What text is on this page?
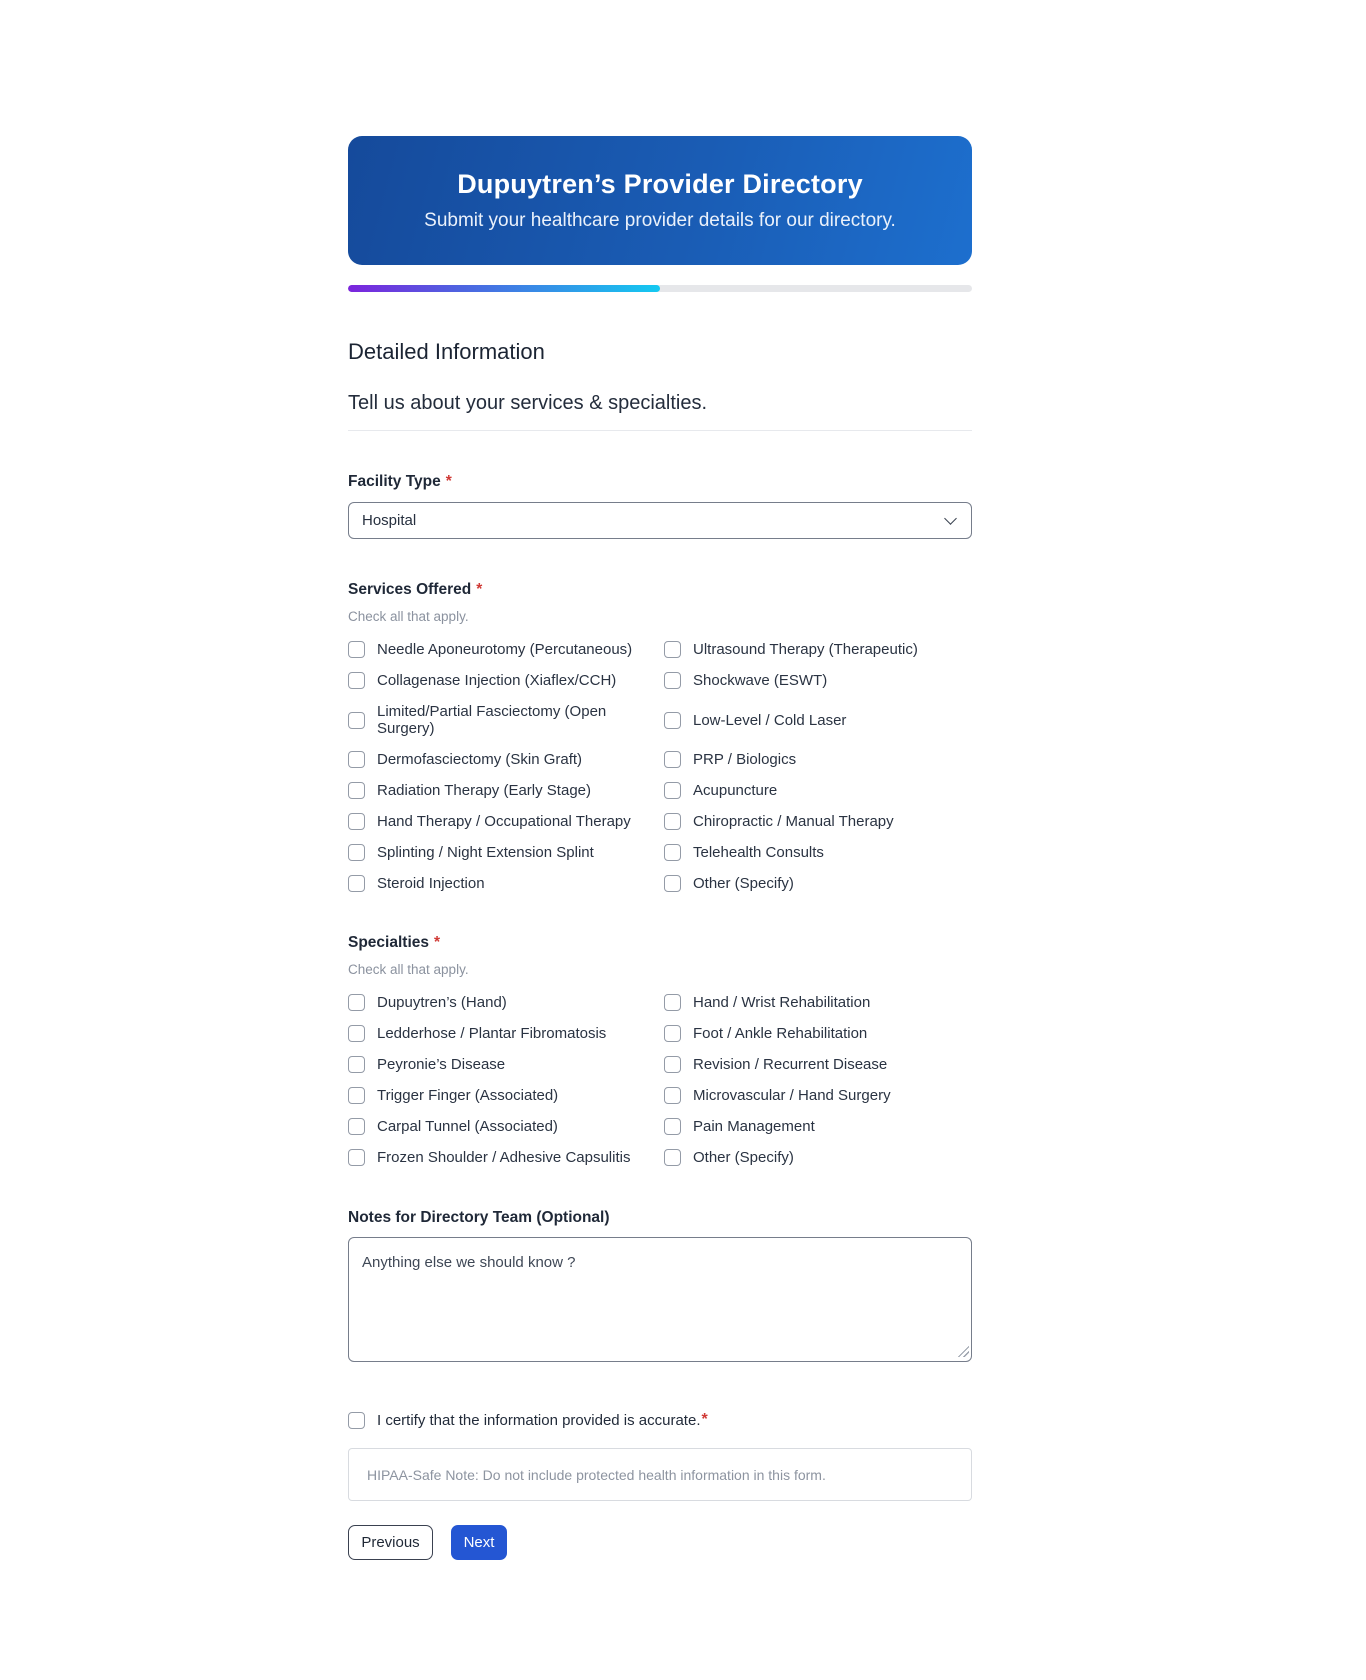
Dupuytren’s Provider Directory

Submit your healthcare provider details for our directory.

Detailed Information
Tell us about your services & specialties.
Facility Type *
Hospital
Services Offered *
Check all that apply.
Needle Aponeurotomy (Percutaneous)	Ultrasound Therapy (Therapeutic)
Collagenase Injection (Xiaflex/CCH)	Shockwave (ESWT)
Limited/Partial Fasciectomy (Open Surgery)	Low-Level / Cold Laser
Dermofasciectomy (Skin Graft)	PRP / Biologics
Radiation Therapy (Early Stage)	Acupuncture
Hand Therapy / Occupational Therapy	Chiropractic / Manual Therapy
Splinting / Night Extension Splint	Telehealth Consults
Steroid Injection	Other (Specify)
Specialties *
Check all that apply.
Dupuytren’s (Hand)	Hand / Wrist Rehabilitation
Ledderhose / Plantar Fibromatosis	Foot / Ankle Rehabilitation
Peyronie’s Disease	Revision / Recurrent Disease
Trigger Finger (Associated)	Microvascular / Hand Surgery
Carpal Tunnel (Associated)	Pain Management
Frozen Shoulder / Adhesive Capsulitis	Other (Specify)
Notes for Directory Team (Optional)
Anything else we should know ?
I certify that the information provided is accurate. *
HIPAA-Safe Note: Do not include protected health information in this form.
Previous	Next
